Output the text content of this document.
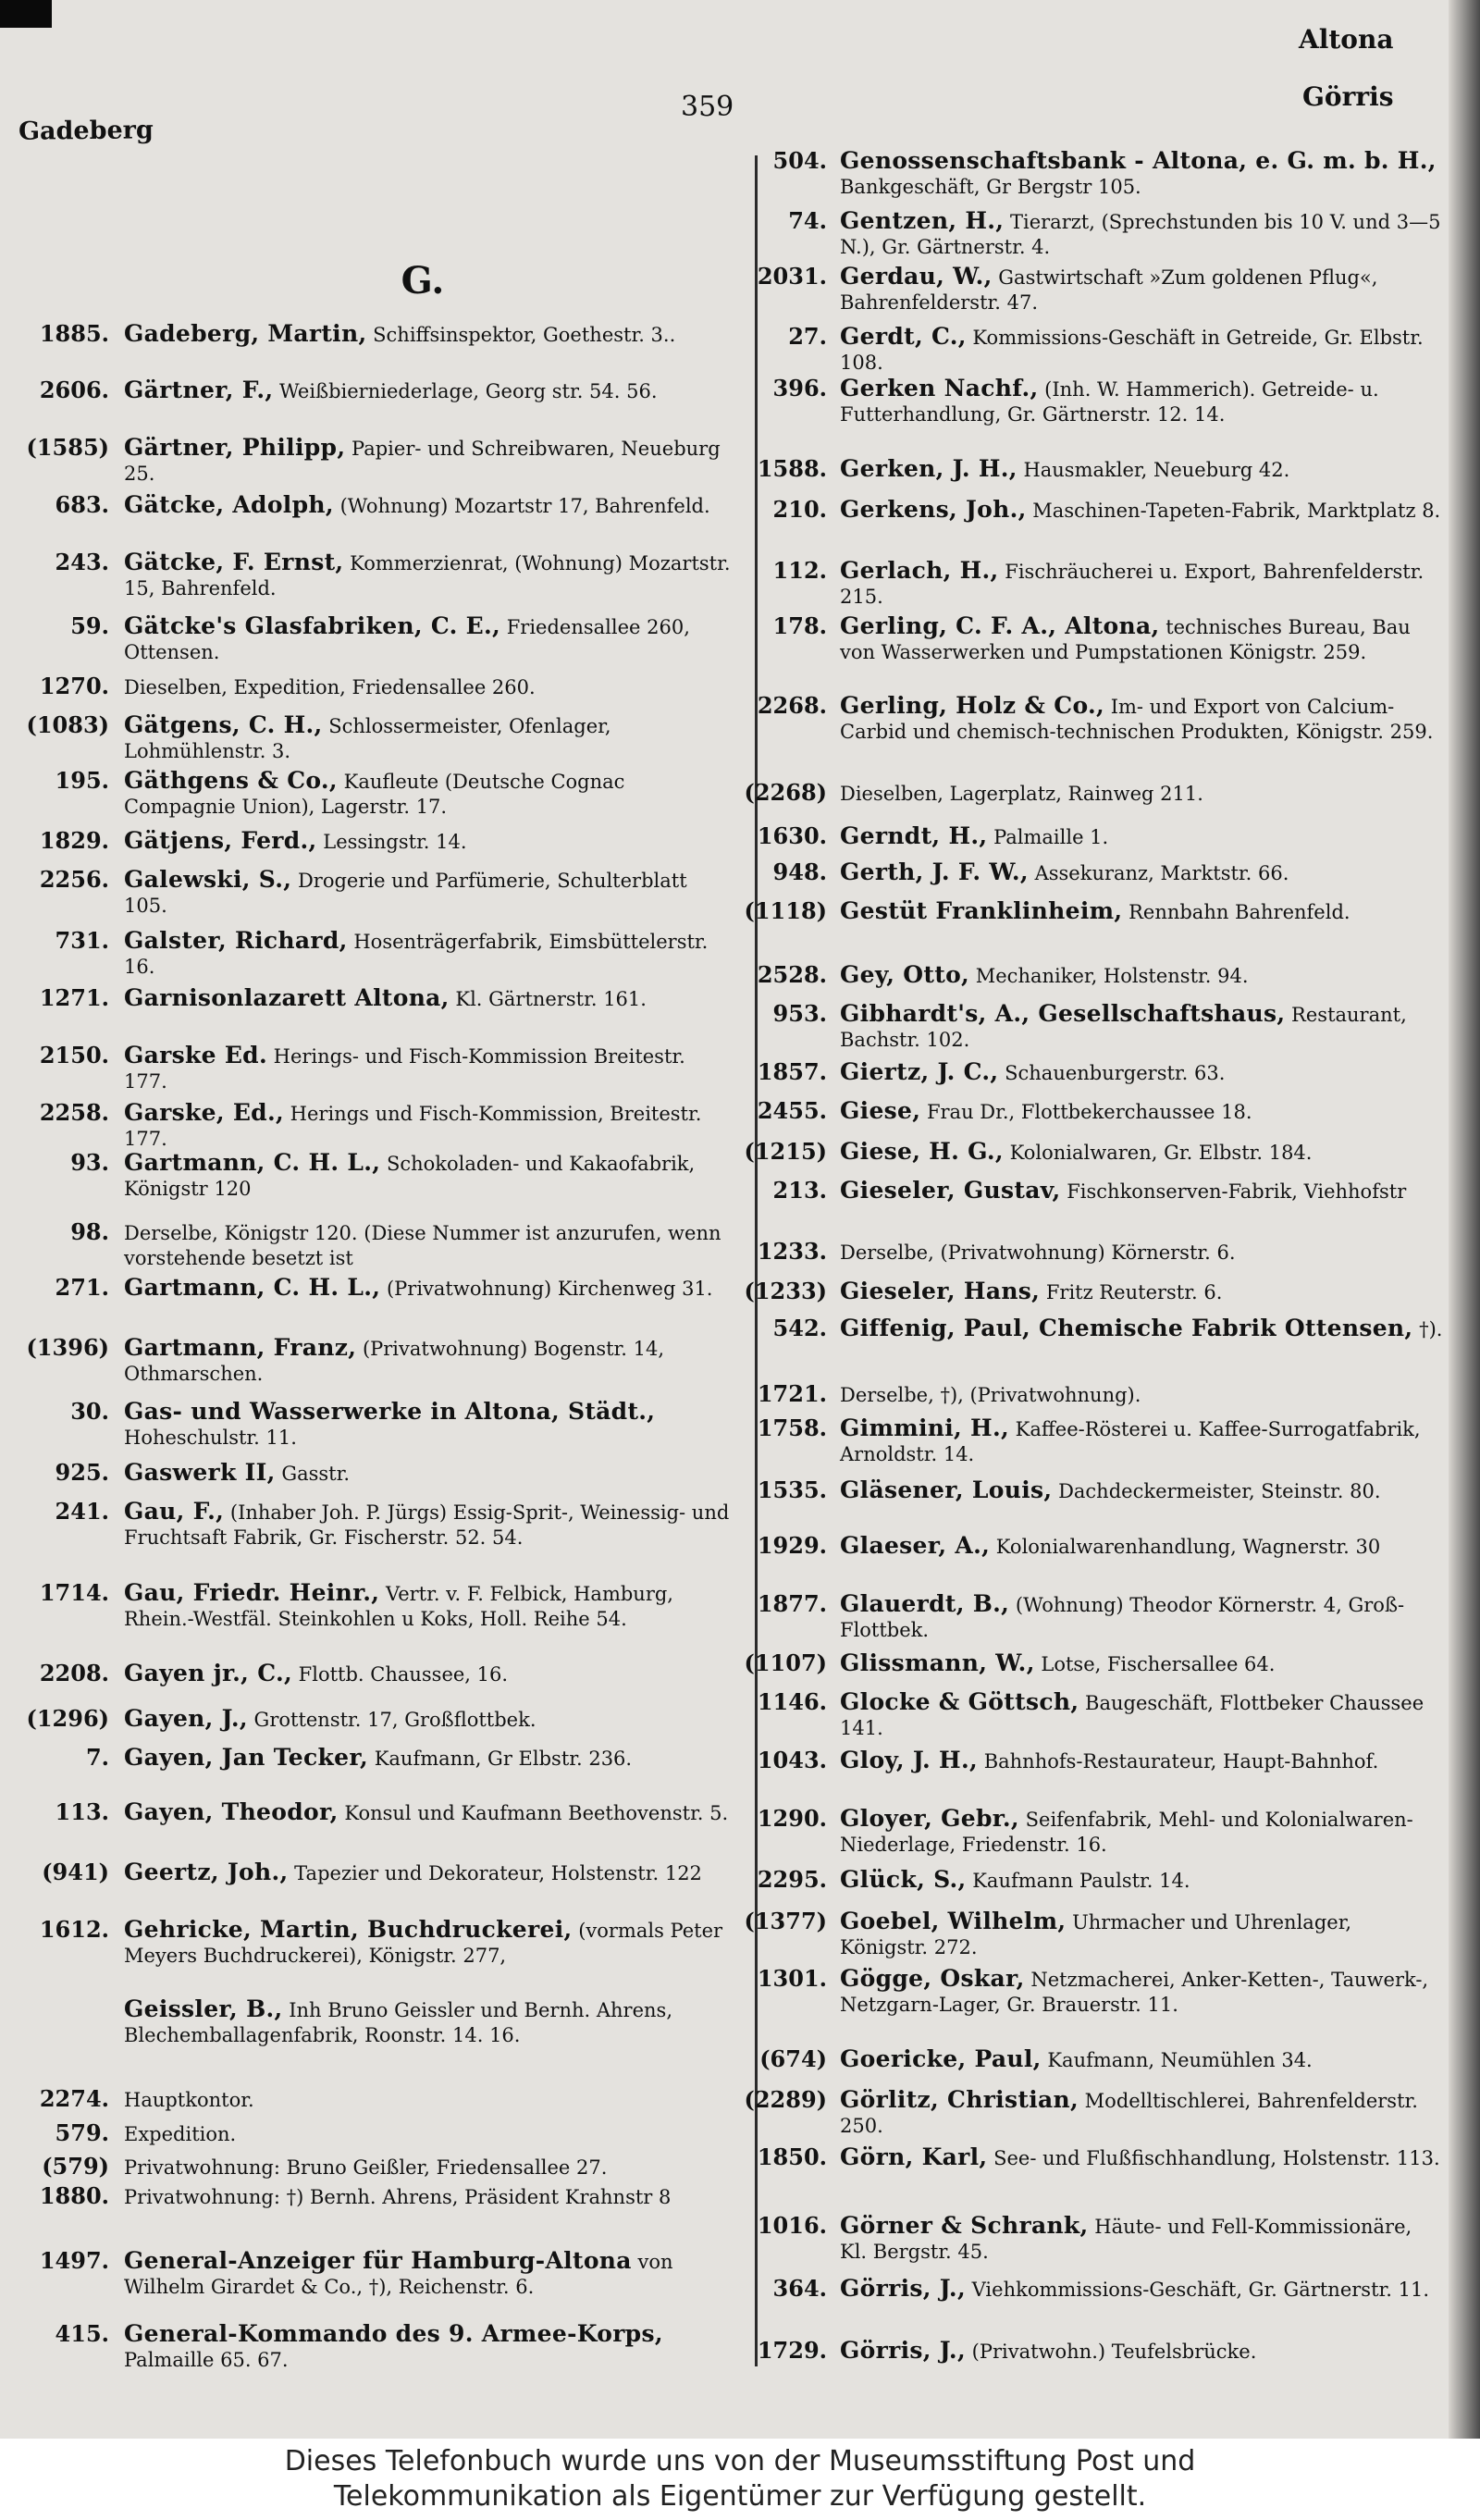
Gadeberg
359
Altona
Görris
1885. Gadeberg, Martin, Schiffsinspektor, Goethestr. 3..
2606. Gärtner, F., Weißbierniederlage, Georg str. 54. 56.
(1585) Gärtner, Philipp, Papier- und Schreibwaren, Neueburg 25.
683. Gätcke, Adolph, (Wohnung) Mozartstr 17, Bahrenfeld.
243. Gätcke, F. Ernst, Kommerzienrat, (Wohnung) Mozartstr. 15, Bahrenfeld.
59. Gätcke's Glasfabriken, C. E., Friedensallee 260, Ottensen.
1270. Dieselben, Expedition, Friedensallee 260.
(1083) Gätgens, C. H., Schlossermeister, Ofenlager, Lohmühlenstr. 3.
195. Gäthgens & Co., Kaufleute (Deutsche Cognac Compagnie Union), Lagerstr. 17.
1829. Gätjens, Ferd., Lessingstr. 14.
2256. Galewski, S., Drogerie und Parfümerie, Schulterblatt 105.
731. Galster, Richard, Hosenträgerfabrik, Eimsbüttelerstr. 16.
1271. Garnisonlazarett Altona, Kl. Gärtnerstr. 161.
2150. Garske Ed. Herings- und Fisch-Kommission Breitestr. 177.
2258. Garske, Ed., Herings und Fisch-Kommission, Breitestr. 177.
93. Gartmann, C. H. L., Schokoladen- und Kakaofabrik, Königstr 120
98. Derselbe, Königstr 120. (Diese Nummer ist anzurufen, wenn vorstehende besetzt ist
271. Gartmann, C. H. L., (Privatwohnung) Kirchenweg 31.
(1396) Gartmann, Franz, (Privatwohnung) Bogenstr. 14, Othmarschen.
30. Gas- und Wasserwerke in Altona, Städt., Hoheschulstr. 11.
925. Gaswerk II, Gasstr.
241. Gau, F., (Inhaber Joh. P. Jürgs) Essig-Sprit-, Weinessig- und Fruchtsaft Fabrik, Gr. Fischerstr. 52. 54.
1714. Gau, Friedr. Heinr., Vertr. v. F. Felbick, Hamburg, Rhein.-Westfäl. Steinkohlen u Koks, Holl. Reihe 54.
2208. Gayen jr., C., Flottb. Chaussee, 16.
(1296) Gayen, J., Grottenstr. 17, Großflottbek.
7. Gayen, Jan Tecker, Kaufmann, Gr Elbstr. 236.
113. Gayen, Theodor, Konsul und Kaufmann Beethovenstr. 5.
(941) Geertz, Joh., Tapezier und Dekorateur, Holstenstr. 122
1612. Gehricke, Martin, Buchdruckerei, (vormals Peter Meyers Buchdruckerei), Königstr. 277,
Geissler, B., Inh Bruno Geissler und Bernh. Ahrens, Blechemballagenfabrik, Roonstr. 14. 16.
2274. Hauptkontor.
579. Expedition.
(579) Privatwohnung: Bruno Geißler, Friedensallee 27.
1880. Privatwohnung: †) Bernh. Ahrens, Präsident Krahnstr 8
1497. General-Anzeiger für Hamburg-Altona von Wilhelm Girardet & Co., †), Reichenstr. 6.
415. General-Kommando des 9. Armee-Korps, Palmaille 65. 67.
G.
504. Genossenschaftsbank - Altona, e. G. m. b. H., Bankgeschäft, Gr Bergstr 105.
74. Gentzen, H., Tierarzt, (Sprechstunden bis 10 V. und 3—5 N.), Gr. Gärtnerstr. 4.
2031. Gerdau, W., Gastwirtschaft »Zum goldenen Pflug«, Bahrenfelderstr. 47.
27. Gerdt, C., Kommissions-Geschäft in Getreide, Gr. Elbstr. 108.
396. Gerken Nachf., (Inh. W. Hammerich). Getreide- u. Futterhandlung, Gr. Gärtnerstr. 12. 14.
1588. Gerken, J. H., Hausmakler, Neueburg 42.
210. Gerkens, Joh., Maschinen-Tapeten-Fabrik, Marktplatz 8.
112. Gerlach, H., Fischräucherei u. Export, Bahrenfelderstr. 215.
178. Gerling, C. F. A., Altona, technisches Bureau, Bau von Wasserwerken und Pumpstationen Königstr. 259.
2268. Gerling, Holz & Co., Im- und Export von Calcium-Carbid und chemisch-technischen Produkten, Königstr. 259.
(2268) Dieselben, Lagerplatz, Rainweg 211.
1630. Gerndt, H., Palmaille 1.
948. Gerth, J. F. W., Assekuranz, Marktstr. 66.
(1118) Gestüt Franklinheim, Rennbahn Bahrenfeld.
2528. Gey, Otto, Mechaniker, Holstenstr. 94.
953. Gibhardt's, A., Gesellschaftshaus, Restaurant, Bachstr. 102.
1857. Giertz, J. C., Schauenburgerstr. 63.
2455. Giese, Frau Dr., Flottbekerchaussee 18.
(1215) Giese, H. G., Kolonialwaren, Gr. Elbstr. 184.
213. Gieseler, Gustav, Fischkonserven-Fabrik, Viehhofstr
1233. Derselbe, (Privatwohnung) Körnerstr. 6.
(1233) Gieseler, Hans, Fritz Reuterstr. 6.
542. Giffenig, Paul, Chemische Fabrik Ottensen, †).
1721. Derselbe, †), (Privatwohnung).
1758. Gimmini, H., Kaffee-Rösterei u. Kaffee-Surrogatfabrik, Arnoldstr. 14.
1535. Gläsener, Louis, Dachdeckermeister, Steinstr. 80.
1929. Glaeser, A., Kolonialwarenhandlung, Wagnerstr. 30
1877. Glauerdt, B., (Wohnung) Theodor Körnerstr. 4, Groß-Flottbek.
(1107) Glissmann, W., Lotse, Fischersallee 64.
1146. Glocke & Göttsch, Baugeschäft, Flottbeker Chaussee 141.
1043. Gloy, J. H., Bahnhofs-Restaurateur, Haupt-Bahnhof.
1290. Gloyer, Gebr., Seifenfabrik, Mehl- und Kolonialwaren-Niederlage, Friedenstr. 16.
2295. Glück, S., Kaufmann Paulstr. 14.
(1377) Goebel, Wilhelm, Uhrmacher und Uhrenlager, Königstr. 272.
1301. Gögge, Oskar, Netzmacherei, Anker-Ketten-, Tauwerk-, Netzgarn-Lager, Gr. Brauerstr. 11.
(674) Goericke, Paul, Kaufmann, Neumühlen 34.
(2289) Görlitz, Christian, Modelltischlerei, Bahrenfelderstr. 250.
1850. Görn, Karl, See- und Flußfischhandlung, Holstenstr. 113.
1016. Görner & Schrank, Häute- und Fell-Kommissionäre, Kl. Bergstr. 45.
364. Görris, J., Viehkommissions-Geschäft, Gr. Gärtnerstr. 11.
1729. Görris, J., (Privatwohn.) Teufelsbrücke.
Dieses Telefonbuch wurde uns von der Museumsstiftung Post und
Telekommunikation als Eigentümer zur Verfügung gestellt.
